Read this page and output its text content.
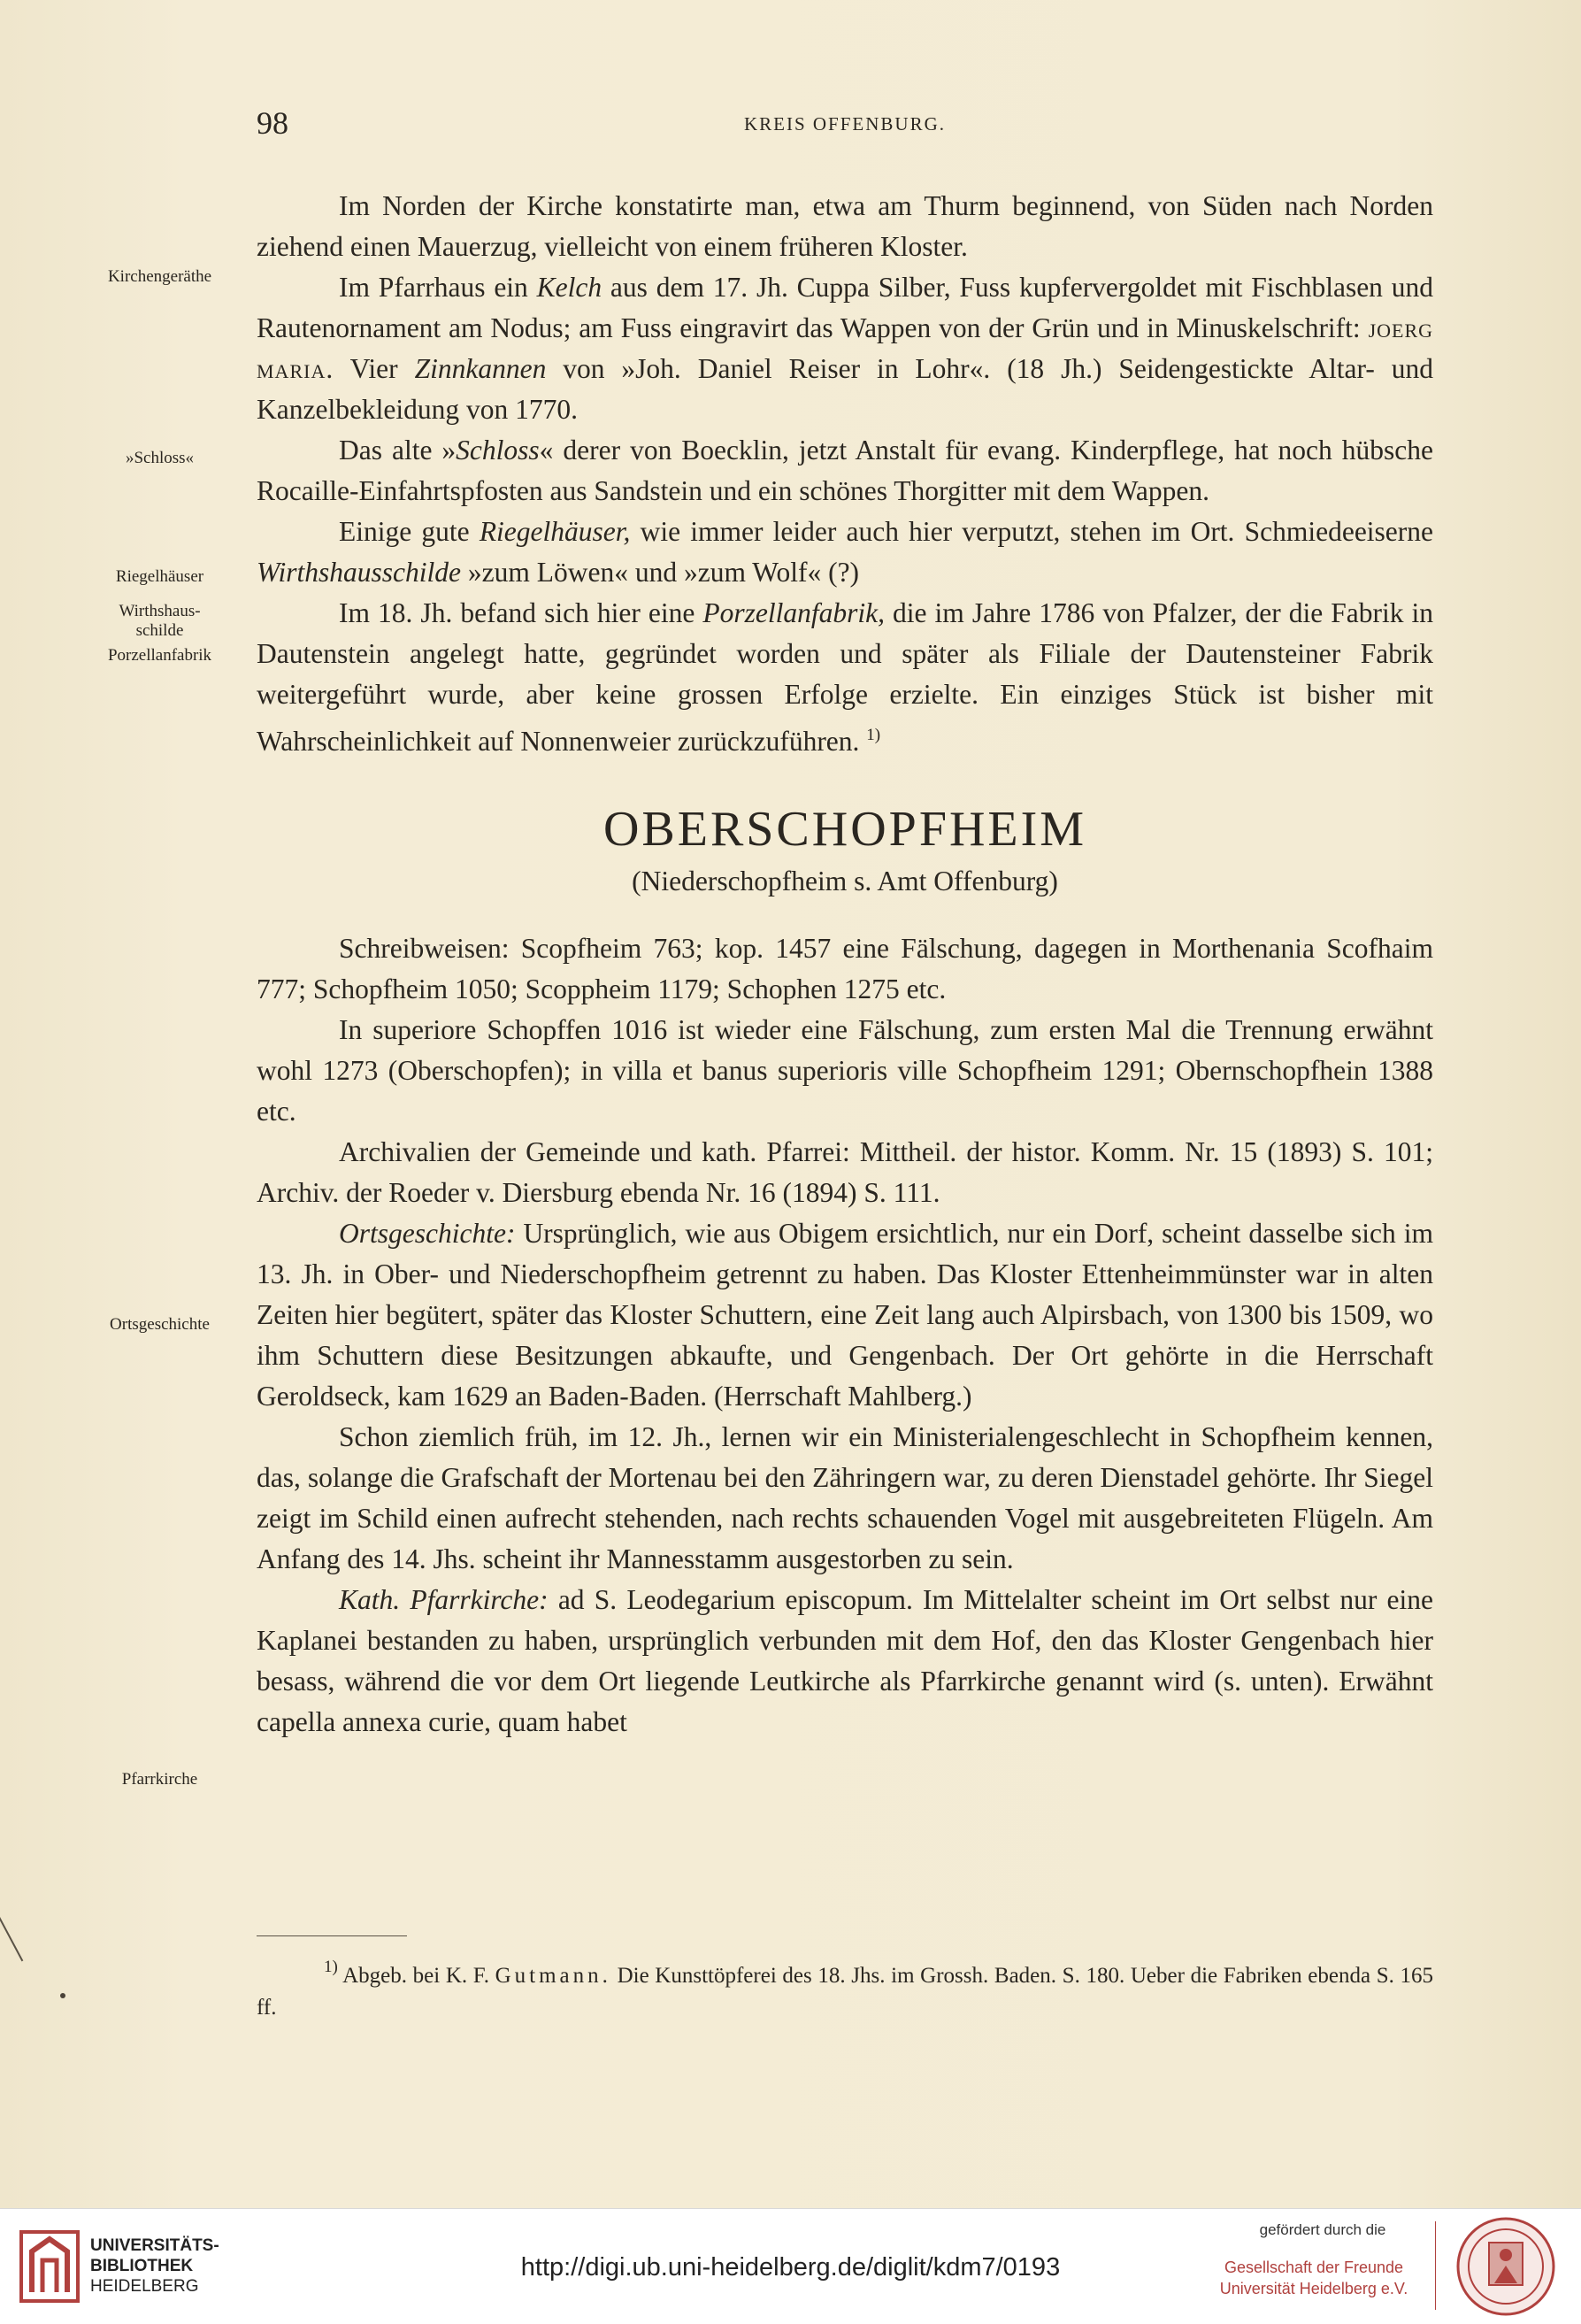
98	KREIS OFFENBURG.
Kirchengeräthe
»Schloss«
Riegelhäuser
Wirthshaus-
schilde
Porzellanfabrik
Ortsgeschichte
Pfarrkirche

Im Norden der Kirche konstatirte man, etwa am Thurm beginnend, von Süden nach Norden ziehend einen Mauerzug, vielleicht von einem früheren Kloster.

Im Pfarrhaus ein Kelch aus dem 17. Jh. Cuppa Silber, Fuss kupfervergoldet mit Fischblasen und Rautenornament am Nodus; am Fuss eingravirt das Wappen von der Grün und in Minuskelschrift: joerg maria. Vier Zinnkannen von »Joh. Daniel Reiser in Lohr«. (18 Jh.) Seidengestickte Altar- und Kanzelbekleidung von 1770.

Das alte »Schloss« derer von Boecklin, jetzt Anstalt für evang. Kinderpflege, hat noch hübsche Rocaille-Einfahrtspfosten aus Sandstein und ein schönes Thorgitter mit dem Wappen.

Einige gute Riegelhäuser, wie immer leider auch hier verputzt, stehen im Ort. Schmiedeeiserne Wirthshausschilde »zum Löwen« und »zum Wolf« (?)

Im 18. Jh. befand sich hier eine Porzellanfabrik, die im Jahre 1786 von Pfalzer, der die Fabrik in Dautenstein angelegt hatte, gegründet worden und später als Filiale der Dautensteiner Fabrik weitergeführt wurde, aber keine grossen Erfolge erzielte. Ein einziges Stück ist bisher mit Wahrscheinlichkeit auf Nonnenweier zurückzuführen. $^{1)}$

OBERSCHOPFHEIM

(Niederschopfheim s. Amt Offenburg)

Schreibweisen: Scopfheim 763; kop. 1457 eine Fälschung, dagegen in Morthenania Scofhaim 777; Schopfheim 1050; Scoppheim 1179; Schophen 1275 etc.

In superiore Schopffen 1016 ist wieder eine Fälschung, zum ersten Mal die Trennung erwähnt wohl 1273 (Oberschopfen); in villa et banus superioris ville Schopfheim 1291; Obernschopfhein 1388 etc.

Archivalien der Gemeinde und kath. Pfarrei: Mittheil. der histor. Komm. Nr. 15 (1893) S. 101; Archiv. der Roeder v. Diersburg ebenda Nr. 16 (1894) S. 111.

Ortsgeschichte: Ursprünglich, wie aus Obigem ersichtlich, nur ein Dorf, scheint dasselbe sich im 13. Jh. in Ober- und Niederschopfheim getrennt zu haben. Das Kloster Ettenheimmünster war in alten Zeiten hier begütert, später das Kloster Schuttern, eine Zeit lang auch Alpirsbach, von 1300 bis 1509, wo ihm Schuttern diese Besitzungen abkaufte, und Gengenbach. Der Ort gehörte in die Herrschaft Geroldseck, kam 1629 an Baden-Baden. (Herrschaft Mahlberg.)

Schon ziemlich früh, im 12. Jh., lernen wir ein Ministerialengeschlecht in Schopfheim kennen, das, solange die Grafschaft der Mortenau bei den Zähringern war, zu deren Dienstadel gehörte. Ihr Siegel zeigt im Schild einen aufrecht stehenden, nach rechts schauenden Vogel mit ausgebreiteten Flügeln. Am Anfang des 14. Jhs. scheint ihr Mannesstamm ausgestorben zu sein.

Kath. Pfarrkirche: ad S. Leodegarium episcopum. Im Mittelalter scheint im Ort selbst nur eine Kaplanei bestanden zu haben, ursprünglich verbunden mit dem Hof, den das Kloster Gengenbach hier besass, während die vor dem Ort liegende Leutkirche als Pfarrkirche genannt wird (s. unten). Erwähnt capella annexa curie, quam habet

$^{1)}$ Abgeb. bei K. F. Gutmann. Die Kunsttöpferei des 18. Jhs. im Grossh. Baden. S. 180. Ueber die Fabriken ebenda S. 165 ff.

UNIVERSITÄTS-
BIBLIOTHEK
HEIDELBERG
http://digi.ub.uni-heidelberg.de/diglit/kdm7/0193
gefördert durch die
Gesellschaft der Freunde
Universität Heidelberg e.V.
